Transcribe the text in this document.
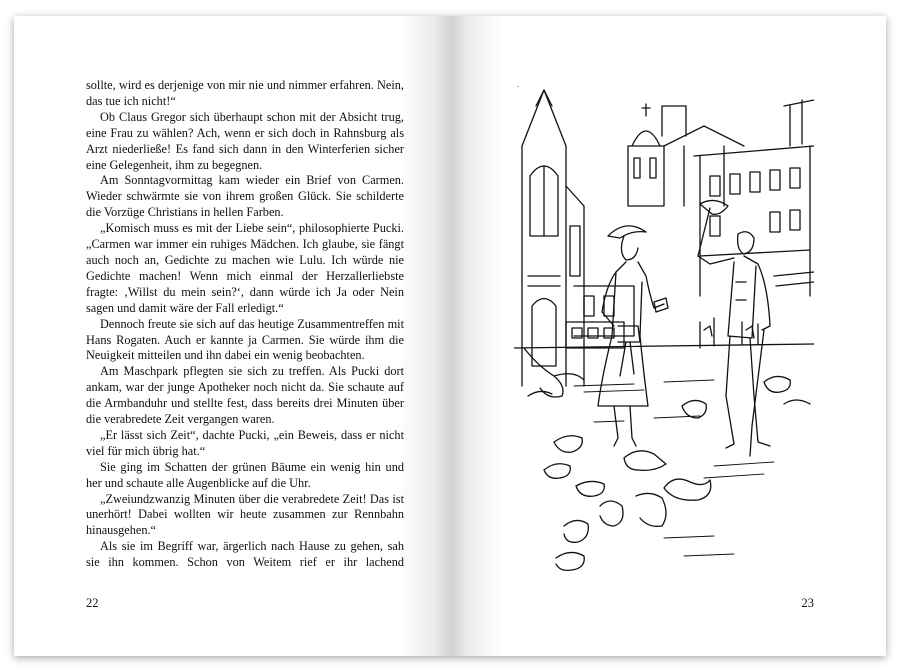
sollte, wird es derjenige von mir nie und nimmer erfahren. Nein, das tue ich nicht!“

Ob Claus Gregor sich überhaupt schon mit der Absicht trug, eine Frau zu wählen? Ach, wenn er sich doch in Rahnsburg als Arzt niederließe! Es fand sich dann in den Winterferien sicher eine Gelegenheit, ihm zu begegnen.

Am Sonntagvormittag kam wieder ein Brief von Carmen. Wieder schwärmte sie von ihrem großen Glück. Sie schilderte die Vorzüge Christians in hellen Farben.

„Komisch muss es mit der Liebe sein“, philosophierte Pucki. „Carmen war immer ein ruhiges Mädchen. Ich glaube, sie fängt auch noch an, Gedichte zu machen wie Lulu. Ich würde nie Gedichte machen! Wenn mich einmal der Herzallerliebste fragte: ‚Willst du mein sein?‘, dann würde ich Ja oder Nein sagen und damit wäre der Fall erledigt.“

Dennoch freute sie sich auf das heutige Zusammentreffen mit Hans Rogaten. Auch er kannte ja Carmen. Sie würde ihm die Neuigkeit mitteilen und ihn dabei ein wenig beobachten.

Am Maschpark pflegten sie sich zu treffen. Als Pucki dort ankam, war der junge Apotheker noch nicht da. Sie schaute auf die Armbanduhr und stellte fest, dass bereits drei Minuten über die verabredete Zeit vergangen waren.

„Er lässt sich Zeit“, dachte Pucki, „ein Beweis, dass er nicht viel für mich übrig hat.“

Sie ging im Schatten der grünen Bäume ein wenig hin und her und schaute alle Augenblicke auf die Uhr.

„Zweiundzwanzig Minuten über die verabredete Zeit! Das ist unerhört! Dabei wollten wir heute zusammen zur Rennbahn hinausgehen.“

Als sie im Begriff war, ärgerlich nach Hause zu gehen, sah sie ihn kommen. Schon von Weitem rief er ihr lachend

22	23
